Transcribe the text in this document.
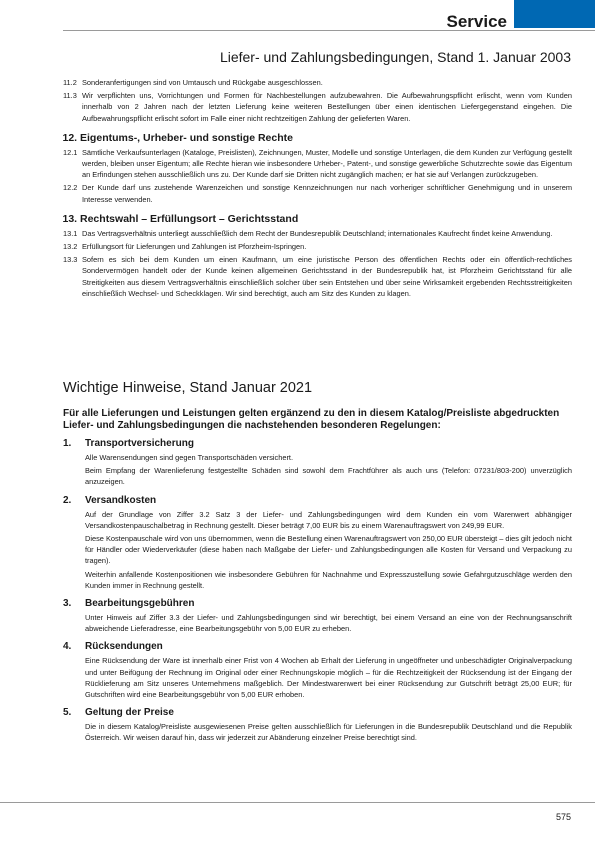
Service
Liefer- und Zahlungsbedingungen, Stand 1. Januar 2003
11.2 Sonderanfertigungen sind von Umtausch und Rückgabe ausgeschlossen.
11.3 Wir verpflichten uns, Vorrichtungen und Formen für Nachbestellungen aufzubewahren. Die Aufbewahrungspflicht erlischt, wenn vom Kunden innerhalb von 2 Jahren nach der letzten Lieferung keine weiteren Bestellungen über einen identischen Liefergegenstand eingehen. Die Aufbewahrungspflicht erlischt sofort im Falle einer nicht rechtzeitigen Zahlung der gelieferten Waren.
12. Eigentums-, Urheber- und sonstige Rechte
12.1 Sämtliche Verkaufsunterlagen (Kataloge, Preislisten), Zeichnungen, Muster, Modelle und sonstige Unterlagen, die dem Kunden zur Verfügung gestellt werden, bleiben unser Eigentum; alle Rechte hieran wie insbesondere Urheber-, Patent-, und sonstige gewerbliche Schutzrechte sowie das Eigentum an Erfindungen stehen ausschließlich uns zu. Der Kunde darf sie Dritten nicht zugänglich machen; er hat sie auf Verlangen zurückzugeben.
12.2 Der Kunde darf uns zustehende Warenzeichen und sonstige Kennzeichnungen nur nach vorheriger schriftlicher Genehmigung und in unserem Interesse verwenden.
13. Rechtswahl – Erfüllungsort – Gerichtsstand
13.1 Das Vertragsverhältnis unterliegt ausschließlich dem Recht der Bundesrepublik Deutschland; internationales Kaufrecht findet keine Anwendung.
13.2 Erfüllungsort für Lieferungen und Zahlungen ist Pforzheim-Ispringen.
13.3 Sofern es sich bei dem Kunden um einen Kaufmann, um eine juristische Person des öffentlichen Rechts oder ein öffentlich-rechtliches Sondervermögen handelt oder der Kunde keinen allgemeinen Gerichtsstand in der Bundesrepublik hat, ist Pforzheim Gerichtsstand für alle Streitigkeiten aus diesem Vertragsverhältnis einschließlich solcher über sein Entstehen und über seine Wirksamkeit ergebenden Rechtsstreitigkeiten einschließlich Wechsel- und Scheckklagen. Wir sind berechtigt, auch am Sitz des Kunden zu klagen.
Wichtige Hinweise, Stand Januar 2021
Für alle Lieferungen und Leistungen gelten ergänzend zu den in diesem Katalog/Preisliste abgedruckten Liefer- und Zahlungsbedingungen die nachstehenden besonderen Regelungen:
1.	Transportversicherung
Alle Warensendungen sind gegen Transportschäden versichert.
Beim Empfang der Warenlieferung festgestellte Schäden sind sowohl dem Frachtführer als auch uns (Telefon: 07231/803-200) unverzüglich anzuzeigen.
2.	Versandkosten
Auf der Grundlage von Ziffer 3.2 Satz 3 der Liefer- und Zahlungsbedingungen wird dem Kunden ein vom Warenwert abhängiger Versandkostenpauschalbetrag in Rechnung gestellt. Dieser beträgt 7,00 EUR bis zu einem Warenauftragswert von 249,99 EUR.
Diese Kostenpauschale wird von uns übernommen, wenn die Bestellung einen Warenauftragswert von 250,00 EUR übersteigt – dies gilt jedoch nicht für Händler oder Wiederverkäufer (diese haben nach Maßgabe der Liefer- und Zahlungsbedingungen alle Kosten für Versand und Verpackung zu tragen).
Weiterhin anfallende Kostenpositionen wie insbesondere Gebühren für Nachnahme und Expresszustellung sowie Gefahrgutzuschläge werden den Kunden immer in Rechnung gestellt.
3.	Bearbeitungsgebühren
Unter Hinweis auf Ziffer 3.3 der Liefer- und Zahlungsbedingungen sind wir berechtigt, bei einem Versand an eine von der Rechnungsanschrift abweichende Lieferadresse, eine Bearbeitungsgebühr von 5,00 EUR zu erheben.
4.	Rücksendungen
Eine Rücksendung der Ware ist innerhalb einer Frist von 4 Wochen ab Erhalt der Lieferung in ungeöffneter und unbeschädigter Originalverpackung und unter Beifügung der Rechnung im Original oder einer Rechnungskopie möglich – für die Rechtzeitigkeit der Rücksendung ist der Eingang der Rücklieferung am Sitz unseres Unternehmens maßgeblich. Der Mindestwarenwert bei einer Rücksendung zur Gutschrift beträgt 25,00 EUR; für Gutschriften wird eine Bearbeitungsgebühr von 5,00 EUR erhoben.
5.	Geltung der Preise
Die in diesem Katalog/Preisliste ausgewiesenen Preise gelten ausschließlich für Lieferungen in die Bundesrepublik Deutschland und die Republik Österreich. Wir weisen darauf hin, dass wir jederzeit zur Abänderung einzelner Preise berechtigt sind.
575
